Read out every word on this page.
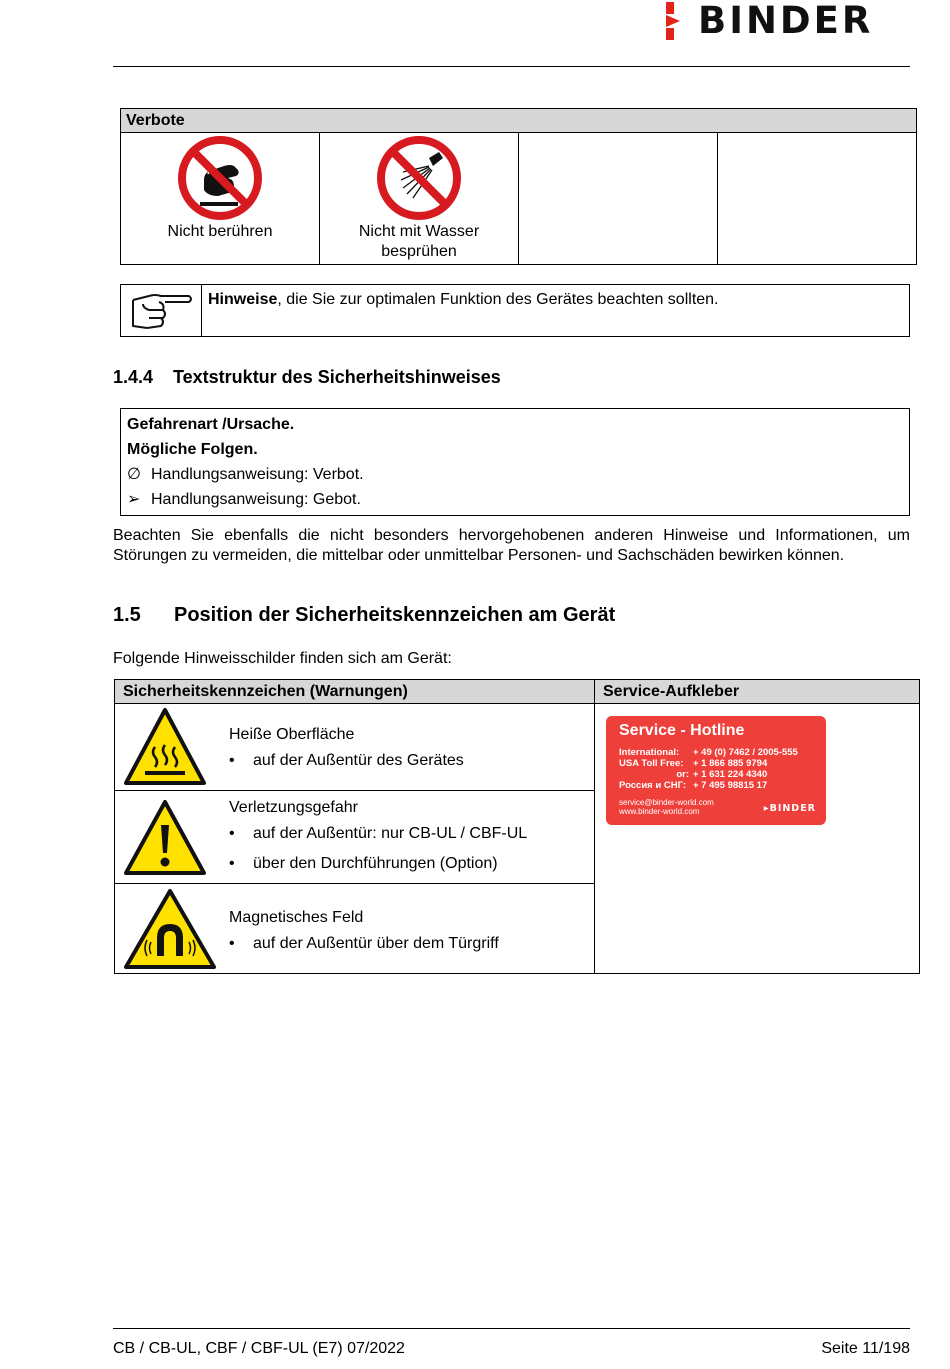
BINDER
Verbote
Nicht berühren	Nicht mit Wasser besprühen
Hinweise, die Sie zur optimalen Funktion des Gerätes beachten sollten.
1.4.4 Textstruktur des Sicherheitshinweises
Gefahrenart /Ursache.
Mögliche Folgen.
∅ Handlungsanweisung: Verbot.
➢ Handlungsanweisung: Gebot.
Beachten Sie ebenfalls die nicht besonders hervorgehobenen anderen Hinweise und Informationen, um Störungen zu vermeiden, die mittelbar oder unmittelbar Personen- und Sachschäden bewirken können.
1.5 Position der Sicherheitskennzeichen am Gerät
Folgende Hinweisschilder finden sich am Gerät:
Sicherheitskennzeichen (Warnungen)	Service-Aufkleber
Heiße Oberfläche
• auf der Außentür des Gerätes
Verletzungsgefahr
• auf der Außentür: nur CB-UL / CBF-UL
• über den Durchführungen (Option)
Magnetisches Feld
• auf der Außentür über dem Türgriff
Service - Hotline
International: + 49 (0) 7462 / 2005-555
USA Toll Free: + 1 866 885 9794
or: + 1 631 224 4340
Россия и СНГ: + 7 495 98815 17
service@binder-world.com
www.binder-world.com	▸BINDER
CB / CB-UL, CBF / CBF-UL (E7) 07/2022	Seite 11/198
